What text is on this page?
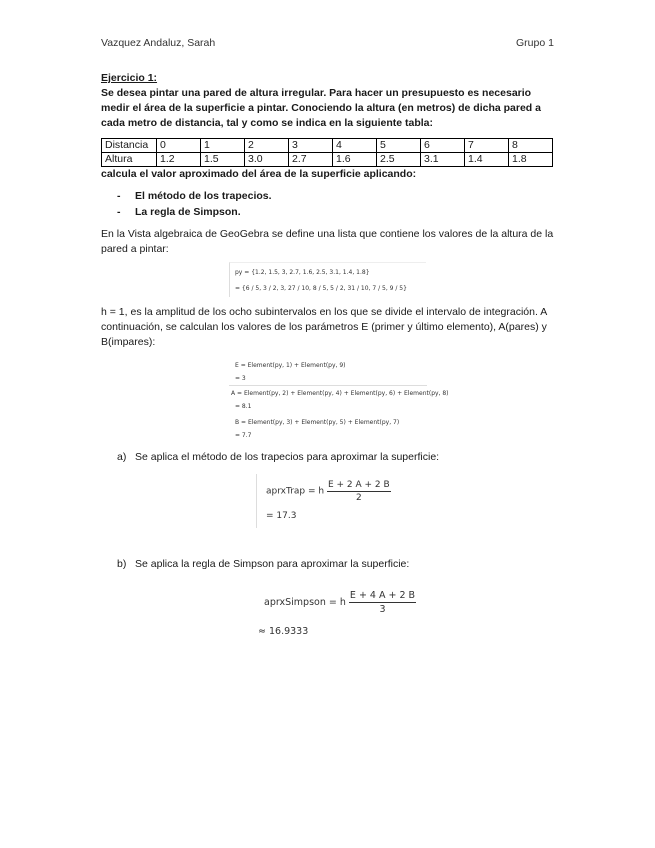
Vazquez Andaluz, Sarah	Grupo 1
Ejercicio 1:
Se desea pintar una pared de altura irregular. Para hacer un presupuesto es necesario medir el área de la superficie a pintar. Conociendo la altura (en metros) de dicha pared a cada metro de distancia, tal y como se indica en la siguiente tabla:
Distancia	0	1	2	3	4	5	6	7	8
Altura	1.2	1.5	3.0	2.7	1.6	2.5	3.1	1.4	1.8
calcula el valor aproximado del área de la superficie aplicando:
- El método de los trapecios.
- La regla de Simpson.
En la Vista algebraica de GeoGebra se define una lista que contiene los valores de la altura de la pared a pintar:
py = {1.2, 1.5, 3, 2.7, 1.6, 2.5, 3.1, 1.4, 1.8}
= {6 / 5, 3 / 2, 3, 27 / 10, 8 / 5, 5 / 2, 31 / 10, 7 / 5, 9 / 5}
h = 1, es la amplitud de los ocho subintervalos en los que se divide el intervalo de integración. A continuación, se calculan los valores de los parámetros E (primer y último elemento), A(pares) y B(impares):
E = Element(py, 1) + Element(py, 9)
= 3
A = Element(py, 2) + Element(py, 4) + Element(py, 6) + Element(py, 8)
= 8.1
B = Element(py, 3) + Element(py, 5) + Element(py, 7)
= 7.7
a) Se aplica el método de los trapecios para aproximar la superficie:
aprxTrap = h $\frac{E + 2 A + 2 B}{2}$
= 17.3
b) Se aplica la regla de Simpson para aproximar la superficie:
aprxSimpson = h $\frac{E + 4 A + 2 B}{3}$
≈ 16.9333
